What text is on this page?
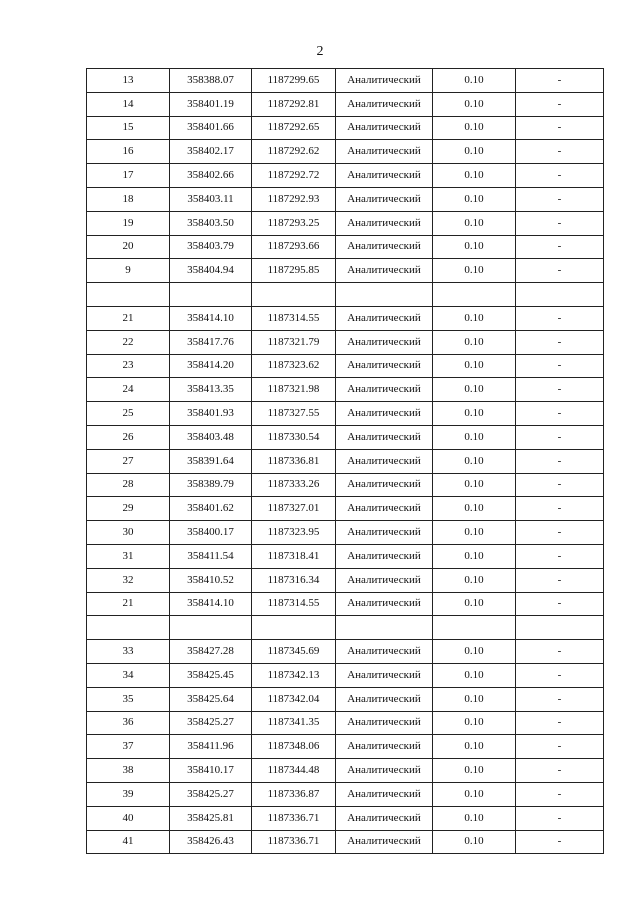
2
13	358388.07	1187299.65	Аналитический	0.10	-
14	358401.19	1187292.81	Аналитический	0.10	-
15	358401.66	1187292.65	Аналитический	0.10	-
16	358402.17	1187292.62	Аналитический	0.10	-
17	358402.66	1187292.72	Аналитический	0.10	-
18	358403.11	1187292.93	Аналитический	0.10	-
19	358403.50	1187293.25	Аналитический	0.10	-
20	358403.79	1187293.66	Аналитический	0.10	-
9	358404.94	1187295.85	Аналитический	0.10	-

21	358414.10	1187314.55	Аналитический	0.10	-
22	358417.76	1187321.79	Аналитический	0.10	-
23	358414.20	1187323.62	Аналитический	0.10	-
24	358413.35	1187321.98	Аналитический	0.10	-
25	358401.93	1187327.55	Аналитический	0.10	-
26	358403.48	1187330.54	Аналитический	0.10	-
27	358391.64	1187336.81	Аналитический	0.10	-
28	358389.79	1187333.26	Аналитический	0.10	-
29	358401.62	1187327.01	Аналитический	0.10	-
30	358400.17	1187323.95	Аналитический	0.10	-
31	358411.54	1187318.41	Аналитический	0.10	-
32	358410.52	1187316.34	Аналитический	0.10	-
21	358414.10	1187314.55	Аналитический	0.10	-

33	358427.28	1187345.69	Аналитический	0.10	-
34	358425.45	1187342.13	Аналитический	0.10	-
35	358425.64	1187342.04	Аналитический	0.10	-
36	358425.27	1187341.35	Аналитический	0.10	-
37	358411.96	1187348.06	Аналитический	0.10	-
38	358410.17	1187344.48	Аналитический	0.10	-
39	358425.27	1187336.87	Аналитический	0.10	-
40	358425.81	1187336.71	Аналитический	0.10	-
41	358426.43	1187336.71	Аналитический	0.10	-
